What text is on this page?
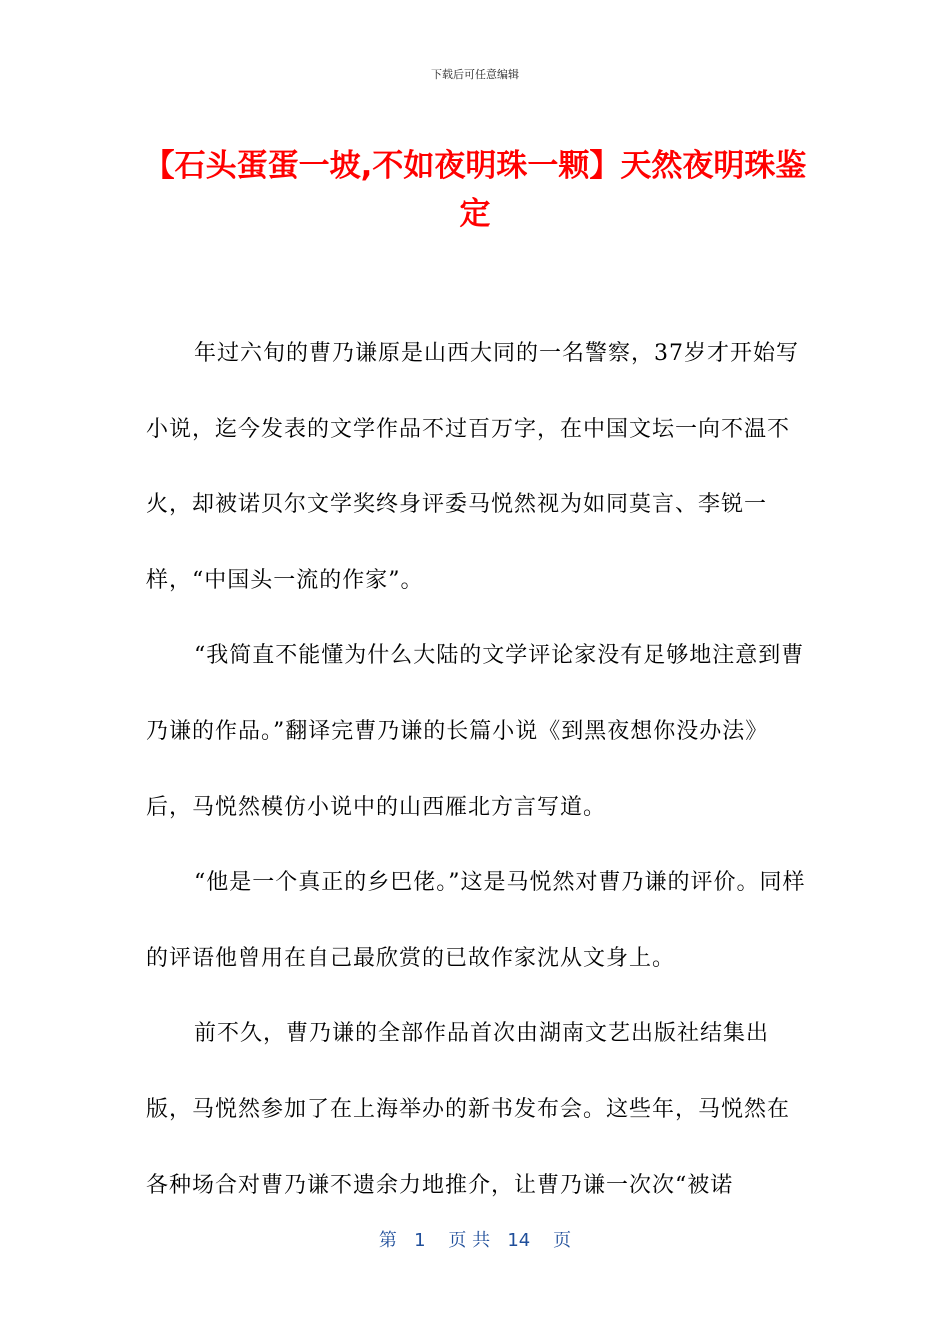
下载后可任意编辑
【石头蛋蛋一坡,不如夜明珠一颗】天然夜明珠鉴定

年过六旬的曹乃谦原是山西大同的一名警察，37岁才开始写小说，迄今发表的文学作品不过百万字，在中国文坛一向不温不火，却被诺贝尔文学奖终身评委马悦然视为如同莫言、李锐一样，“中国头一流的作家”。

“我简直不能懂为什么大陆的文学评论家没有足够地注意到曹乃谦的作品。”翻译完曹乃谦的长篇小说《到黑夜想你没办法》后，马悦然模仿小说中的山西雁北方言写道。

“他是一个真正的乡巴佬。”这是马悦然对曹乃谦的评价。同样的评语他曾用在自己最欣赏的已故作家沈从文身上。

前不久，曹乃谦的全部作品首次由湖南文艺出版社结集出版，马悦然参加了在上海举办的新书发布会。这些年，马悦然在各种场合对曹乃谦不遗余力地推介，让曹乃谦一次次“被诺

第 1 页 共 14 页
